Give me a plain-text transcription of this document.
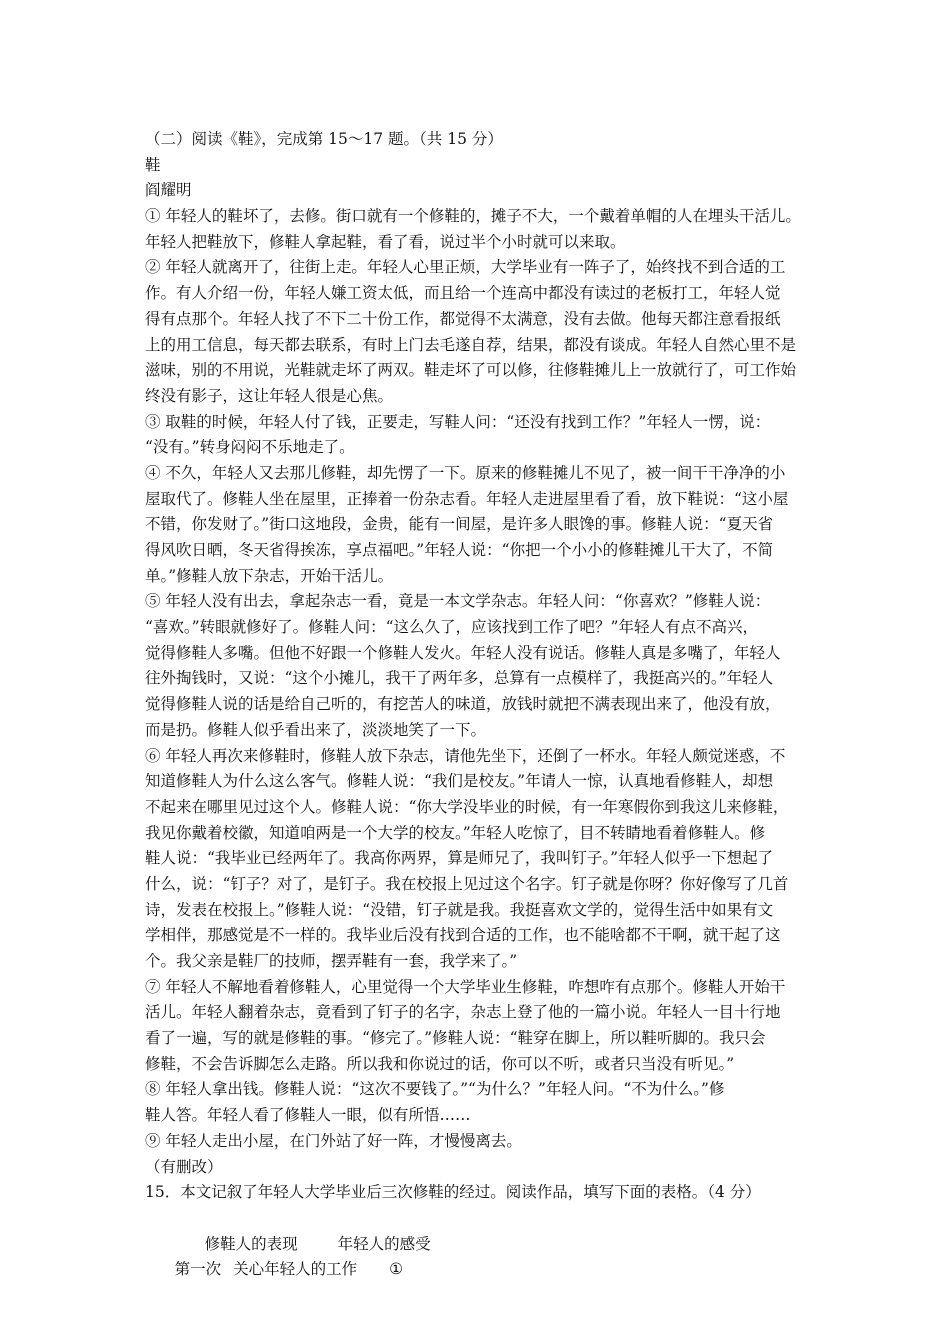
（二）阅读《鞋》，完成第 15～17 题。（共 15 分）
鞋
阎耀明
① 年轻人的鞋坏了，去修。街口就有一个修鞋的，摊子不大，一个戴着单帽的人在埋头干活儿。
年轻人把鞋放下，修鞋人拿起鞋，看了看，说过半个小时就可以来取。
② 年轻人就离开了，往街上走。年轻人心里正烦，大学毕业有一阵子了，始终找不到合适的工
作。有人介绍一份，年轻人嫌工资太低，而且给一个连高中都没有读过的老板打工，年轻人觉
得有点那个。年轻人找了不下二十份工作，都觉得不太满意，没有去做。他每天都注意看报纸
上的用工信息，每天都去联系，有时上门去毛遂自荐，结果，都没有谈成。年轻人自然心里不是
滋味，别的不用说，光鞋就走坏了两双。鞋走坏了可以修，往修鞋摊儿上一放就行了，可工作始
终没有影子，这让年轻人很是心焦。
③ 取鞋的时候，年轻人付了钱，正要走，写鞋人问：“还没有找到工作？”年轻人一愣，说：
“没有。”转身闷闷不乐地走了。
④ 不久，年轻人又去那儿修鞋，却先愣了一下。原来的修鞋摊儿不见了，被一间干干净净的小
屋取代了。修鞋人坐在屋里，正捧着一份杂志看。年轻人走进屋里看了看，放下鞋说：“这小屋
不错，你发财了。”街口这地段，金贵，能有一间屋，是许多人眼馋的事。修鞋人说：“夏天省
得风吹日晒，冬天省得挨冻，享点福吧。”年轻人说：“你把一个小小的修鞋摊儿干大了，不简
单。”修鞋人放下杂志，开始干活儿。
⑤ 年轻人没有出去，拿起杂志一看，竟是一本文学杂志。年轻人问：“你喜欢？”修鞋人说：
“喜欢。”转眼就修好了。修鞋人问：“这么久了，应该找到工作了吧？”年轻人有点不高兴，
觉得修鞋人多嘴。但他不好跟一个修鞋人发火。年轻人没有说话。修鞋人真是多嘴了，年轻人
往外掏钱时，又说：“这个小摊儿，我干了两年多，总算有一点模样了，我挺高兴的。”年轻人
觉得修鞋人说的话是给自己听的，有挖苦人的味道，放钱时就把不满表现出来了，他没有放，
而是扔。修鞋人似乎看出来了，淡淡地笑了一下。
⑥ 年轻人再次来修鞋时，修鞋人放下杂志，请他先坐下，还倒了一杯水。年轻人颇觉迷惑，不
知道修鞋人为什么这么客气。修鞋人说：“我们是校友。”年请人一惊，认真地看修鞋人，却想
不起来在哪里见过这个人。修鞋人说：“你大学没毕业的时候，有一年寒假你到我这儿来修鞋，
我见你戴着校徽，知道咱两是一个大学的校友。”年轻人吃惊了，目不转睛地看着修鞋人。修
鞋人说：“我毕业已经两年了。我高你两界，算是师兄了，我叫钉子。”年轻人似乎一下想起了
什么，说：“钉子？对了，是钉子。我在校报上见过这个名字。钉子就是你呀？你好像写了几首
诗，发表在校报上。”修鞋人说：“没错，钉子就是我。我挺喜欢文学的，觉得生活中如果有文
学相伴，那感觉是不一样的。我毕业后没有找到合适的工作，也不能啥都不干啊，就干起了这
个。我父亲是鞋厂的技师，摆弄鞋有一套，我学来了。”
⑦ 年轻人不解地看着修鞋人，心里觉得一个大学毕业生修鞋，咋想咋有点那个。修鞋人开始干
活儿。年轻人翻着杂志，竟看到了钉子的名字，杂志上登了他的一篇小说。年轻人一目十行地
看了一遍，写的就是修鞋的事。“修完了。”修鞋人说：“鞋穿在脚上，所以鞋听脚的。我只会
修鞋，不会告诉脚怎么走路。所以我和你说过的话，你可以不听，或者只当没有听见。”
⑧ 年轻人拿出钱。修鞋人说：“这次不要钱了。”“为什么？”年轻人问。“不为什么。”修
鞋人答。年轻人看了修鞋人一眼，似有所悟……
⑨ 年轻人走出小屋，在门外站了好一阵，才慢慢离去。
（有删改）
15．本文记叙了年轻人大学毕业后三次修鞋的经过。阅读作品，填写下面的表格。（4 分）

修鞋人的表现	年轻人的感受

第一次 关心年轻人的工作 ①
